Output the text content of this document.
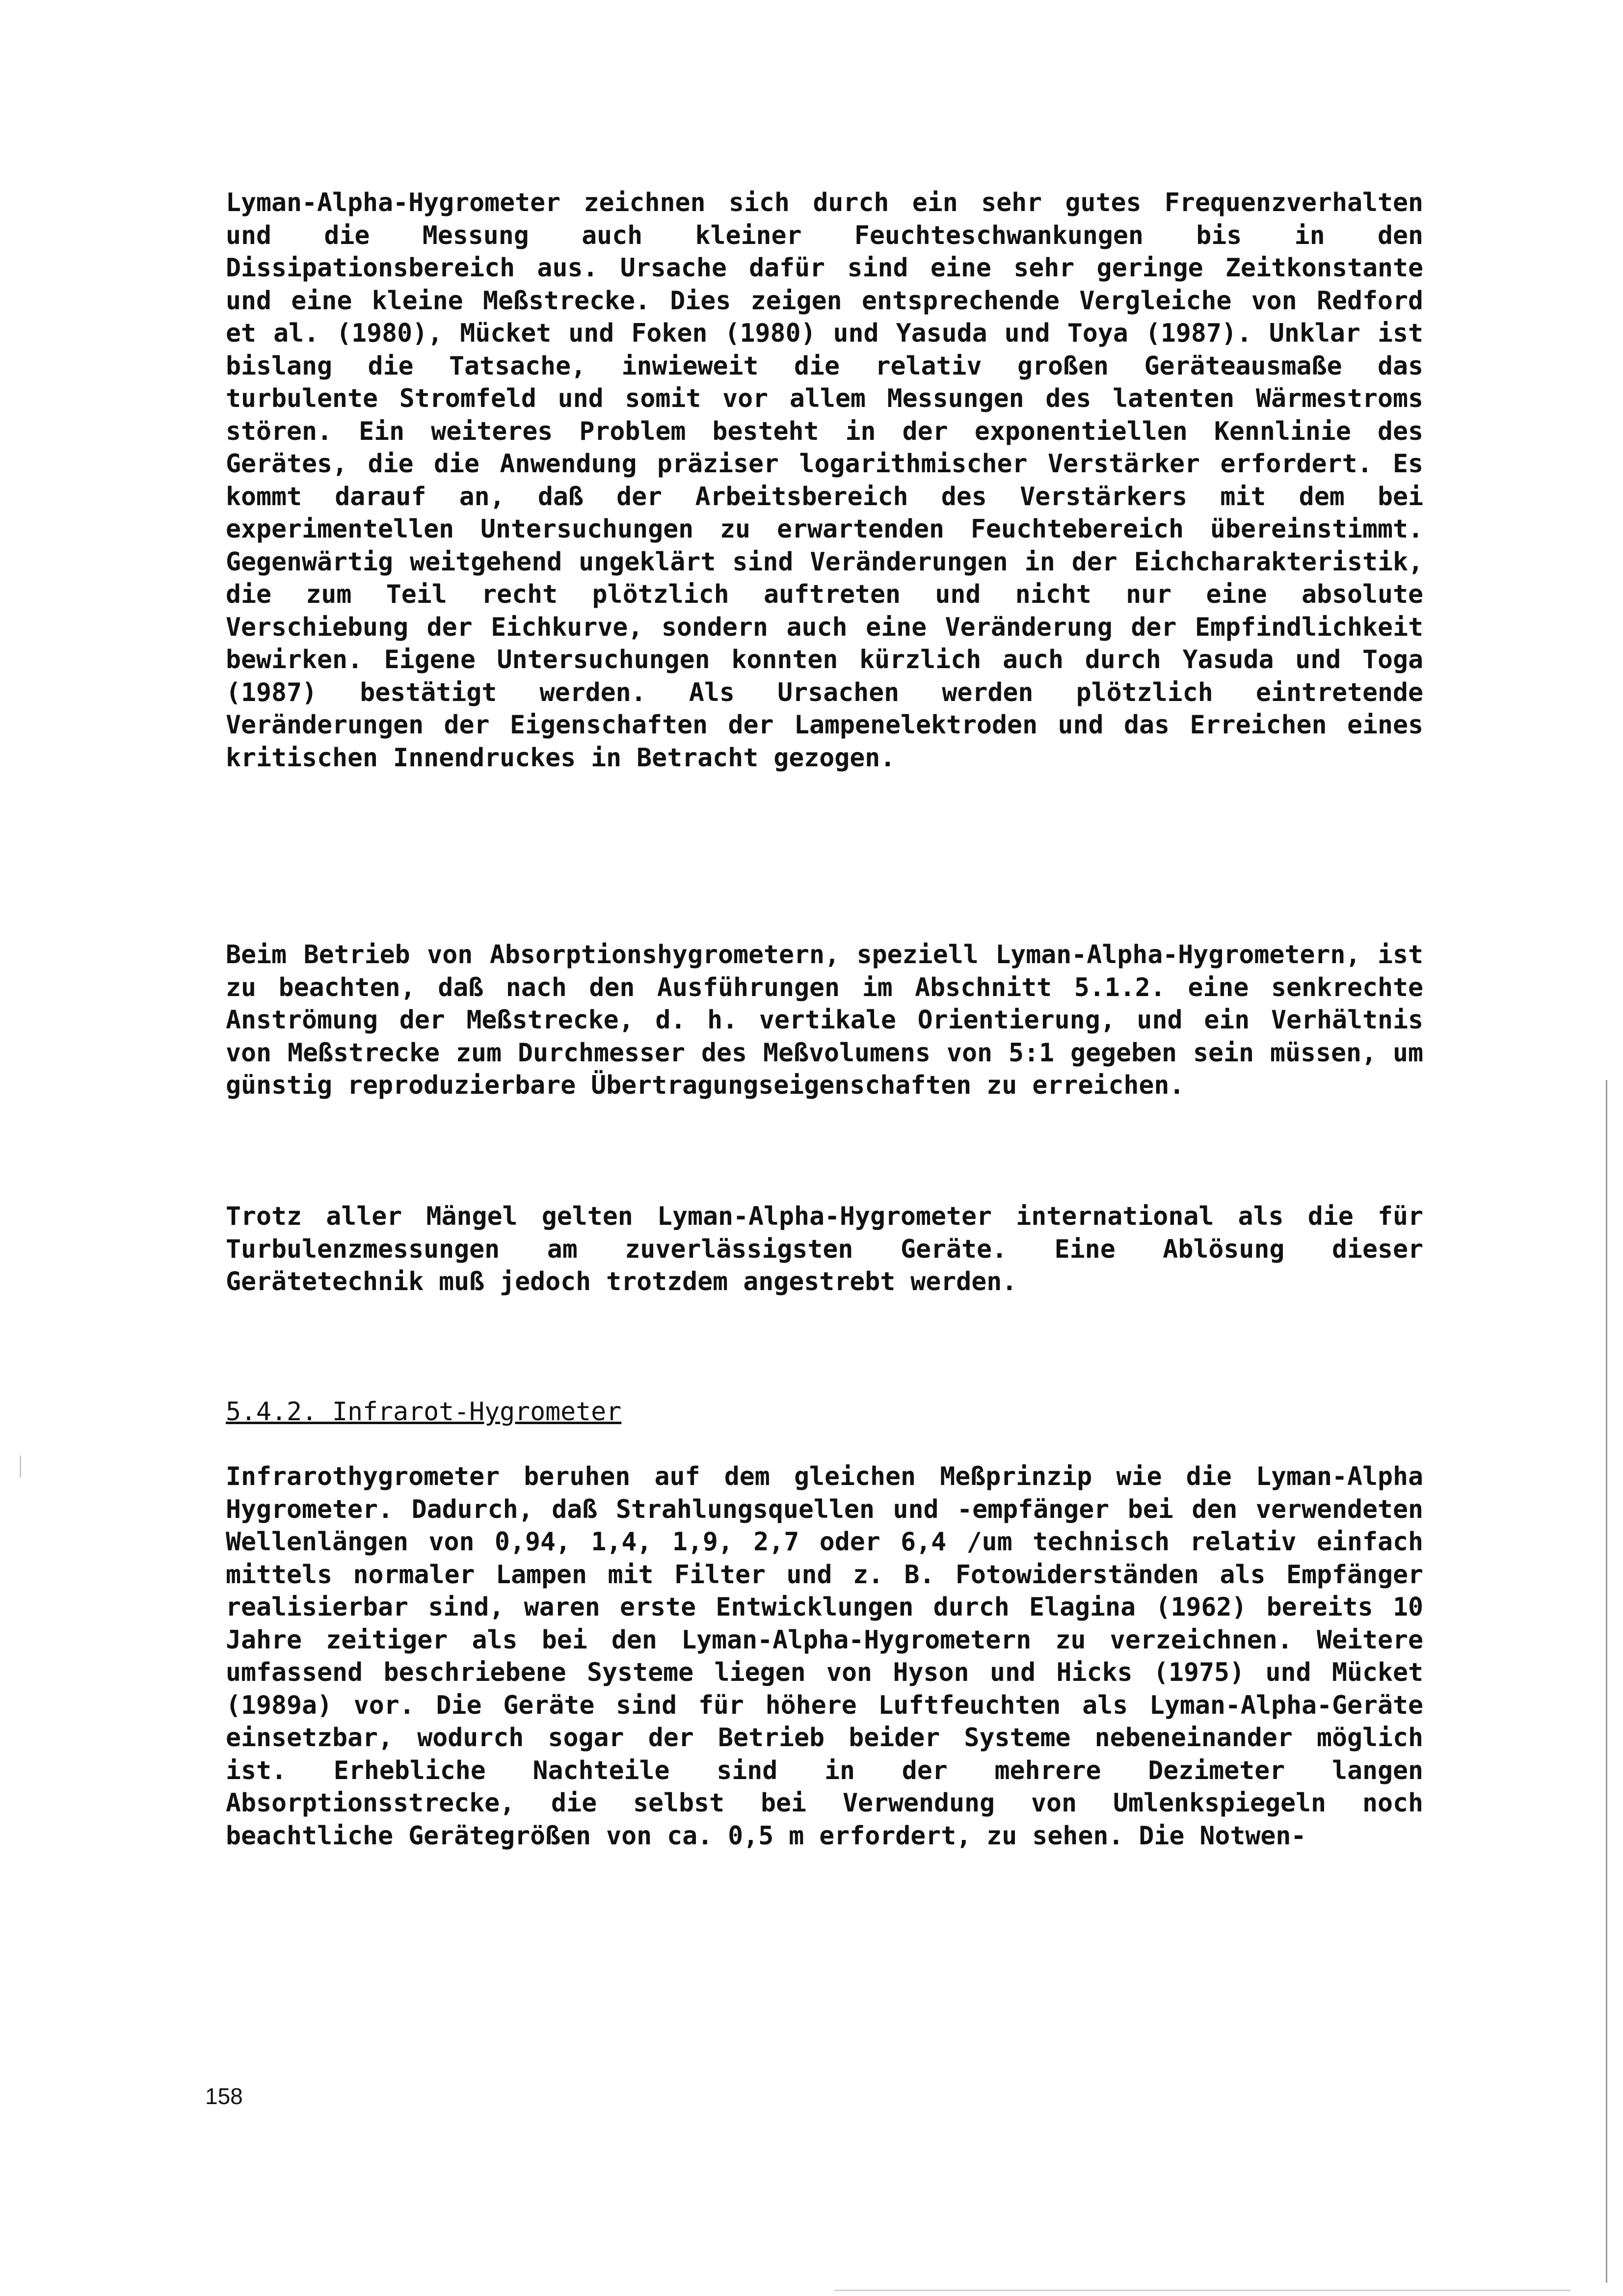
Lyman-Alpha-Hygrometer zeichnen sich durch ein sehr gutes Frequenzverhalten und die Messung auch kleiner Feuchteschwankungen bis in den Dissipationsbereich aus. Ursache dafür sind eine sehr geringe Zeitkonstante und eine kleine Meßstrecke. Dies zeigen entsprechende Vergleiche von Redford et al. (1980), Mücket und Foken (1980) und Yasuda und Toya (1987). Unklar ist bislang die Tatsache, inwieweit die relativ großen Geräteausmaße das turbulente Stromfeld und somit vor allem Messungen des latenten Wärmestroms stören. Ein weiteres Problem besteht in der exponentiellen Kennlinie des Gerätes, die die Anwendung präziser logarithmischer Verstärker erfordert. Es kommt darauf an, daß der Arbeitsbereich des Verstärkers mit dem bei experimentellen Untersuchungen zu erwartenden Feuchtebereich übereinstimmt. Gegenwärtig weitgehend ungeklärt sind Veränderungen in der Eichcharakteristik, die zum Teil recht plötzlich auftreten und nicht nur eine absolute Verschiebung der Eichkurve, sondern auch eine Veränderung der Empfindlichkeit bewirken. Eigene Untersuchungen konnten kürzlich auch durch Yasuda und Toga (1987) bestätigt werden. Als Ursachen werden plötzlich eintretende Veränderungen der Eigenschaften der Lampenelektroden und das Erreichen eines kritischen Innendruckes in Betracht gezogen.

Beim Betrieb von Absorptionshygrometern, speziell Lyman-Alpha-Hygrometern, ist zu beachten, daß nach den Ausführungen im Abschnitt 5.1.2. eine senkrechte Anströmung der Meßstrecke, d. h. vertikale Orientierung, und ein Verhältnis von Meßstrecke zum Durchmesser des Meßvolumens von 5:1 gegeben sein müssen, um günstig reproduzierbare Übertragungseigenschaften zu erreichen.

Trotz aller Mängel gelten Lyman-Alpha-Hygrometer international als die für Turbulenzmessungen am zuverlässigsten Geräte. Eine Ablösung dieser Gerätetechnik muß jedoch trotzdem angestrebt werden.

5.4.2. Infrarot-Hygrometer

Infrarothygrometer beruhen auf dem gleichen Meßprinzip wie die Lyman-Alpha Hygrometer. Dadurch, daß Strahlungsquellen und -empfänger bei den verwendeten Wellenlängen von 0,94, 1,4, 1,9, 2,7 oder 6,4 /um technisch relativ einfach mittels normaler Lampen mit Filter und z. B. Fotowiderständen als Empfänger realisierbar sind, waren erste Entwicklungen durch Elagina (1962) bereits 10 Jahre zeitiger als bei den Lyman-Alpha-Hygrometern zu verzeichnen. Weitere umfassend beschriebene Systeme liegen von Hyson und Hicks (1975) und Mücket (1989a) vor. Die Geräte sind für höhere Luftfeuchten als Lyman-Alpha-Geräte einsetzbar, wodurch sogar der Betrieb beider Systeme nebeneinander möglich ist. Erhebliche Nachteile sind in der mehrere Dezimeter langen Absorptionsstrecke, die selbst bei Verwendung von Umlenkspiegeln noch beachtliche Gerätegrößen von ca. 0,5 m erfordert, zu sehen. Die Notwen-

158
